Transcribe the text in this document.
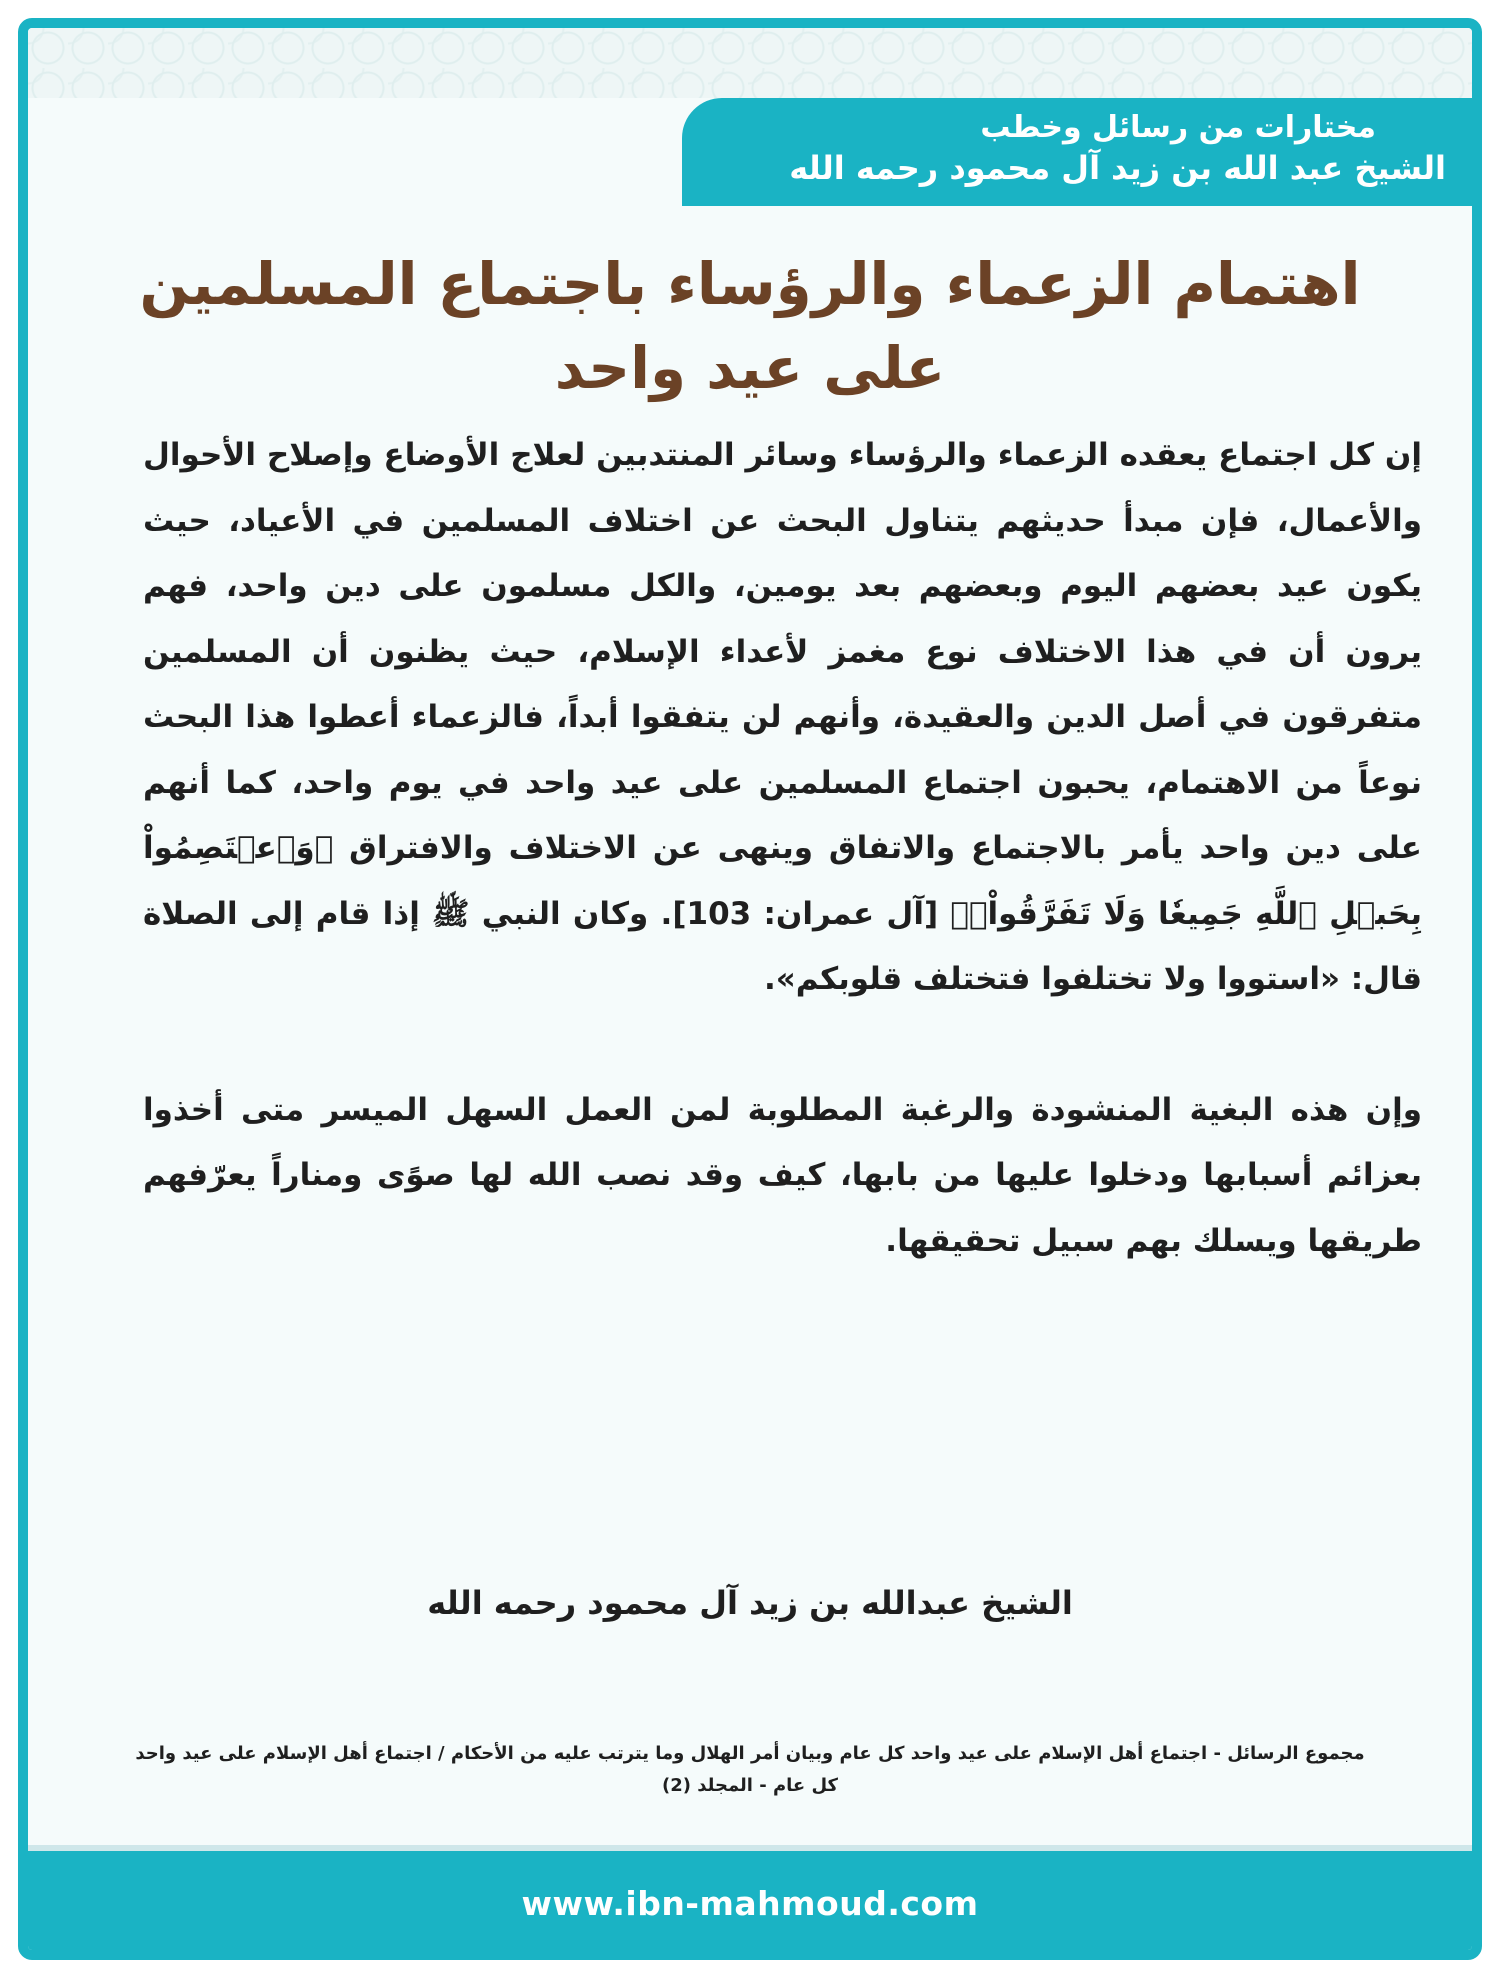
مختارات من رسائل وخطب
الشيخ عبد الله بن زيد آل محمود رحمه الله
اهتمام الزعماء والرؤساء باجتماع المسلمين على عيد واحد

إن كل اجتماع يعقده الزعماء والرؤساء وسائر المنتدبين لعلاج الأوضاع وإصلاح الأحوال والأعمال، فإن مبدأ حديثهم يتناول البحث عن اختلاف المسلمين في الأعياد، حيث يكون عيد بعضهم اليوم وبعضهم بعد يومين، والكل مسلمون على دين واحد، فهم يرون أن في هذا الاختلاف نوع مغمز لأعداء الإسلام، حيث يظنون أن المسلمين متفرقون في أصل الدين والعقيدة، وأنهم لن يتفقوا أبداً، فالزعماء أعطوا هذا البحث نوعاً من الاهتمام، يحبون اجتماع المسلمين على عيد واحد في يوم واحد، كما أنهم على دين واحد يأمر بالاجتماع والاتفاق وينهى عن الاختلاف والافتراق ﴿وَٱعۡتَصِمُواْ بِحَبۡلِ ٱللَّهِ جَمِيعٗا وَلَا تَفَرَّقُواْۚ﴾ [آل عمران: 103]. وكان النبي ﷺ إذا قام إلى الصلاة قال: «استووا ولا تختلفوا فتختلف قلوبكم».

وإن هذه البغية المنشودة والرغبة المطلوبة لمن العمل السهل الميسر متى أخذوا بعزائم أسبابها ودخلوا عليها من بابها، كيف وقد نصب الله لها صوًى ومناراً يعرّفهم طريقها ويسلك بهم سبيل تحقيقها.

الشيخ عبدالله بن زيد آل محمود رحمه الله
مجموع الرسائل - اجتماع أهل الإسلام على عيد واحد كل عام وبيان أمر الهلال وما يترتب عليه من الأحكام / اجتماع أهل الإسلام على عيد واحد كل عام - المجلد (2)
www.ibn-mahmoud.com
